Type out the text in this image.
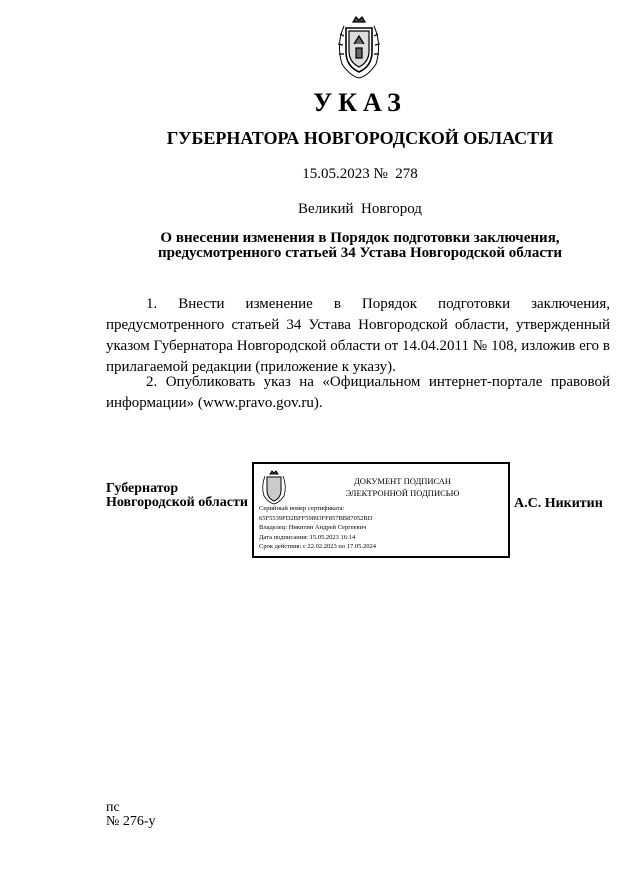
УКАЗ
ГУБЕРНАТОРА НОВГОРОДСКОЙ ОБЛАСТИ
15.05.2023 №  278
Великий  Новгород
О внесении изменения в Порядок подготовки заключения,
предусмотренного статьей 34 Устава Новгородской области
1. Внести изменение в Порядок подготовки заключения, предусмотренного статьей 34 Устава Новгородской области, утвержденный указом Губернатора Новгородской области от 14.04.2011 № 108, изложив его в прилагаемой редакции (приложение к указу).
2. Опубликовать указ на «Официальном интернет-портале правовой информации» (www.pravo.gov.ru).
Губернатор
Новгородской области
ДОКУМЕНТ ПОДПИСАН
ЭЛЕКТРОННОЙ ПОДПИСЬЮ
Серийный номер сертификата:
65F5539FD2BFF59893FF857BB87052BD
Владелец: Никитин Андрей Сергеевич
Дата подписания: 15.05.2023 16:14
Срок действия: с 22.02.2023 по 17.05.2024
А.С. Никитин
пс
№ 276-у
